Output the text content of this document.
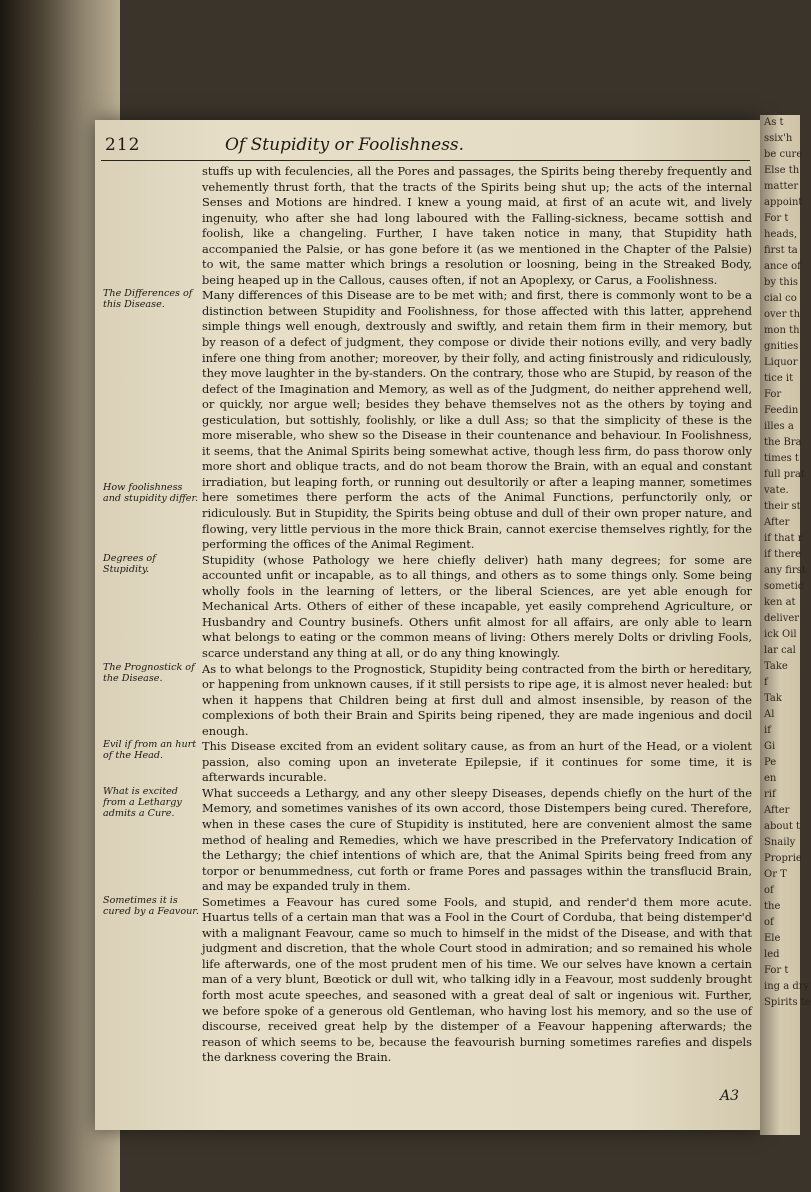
212	Of Stupidity or Foolishness.
The Differences of this Disease.
How foolishness and stupidity differ.
Degrees of Stupidity.
The Prognostick of the Disease.
Evil if from an hurt of the Head.
What is excited from a Lethargy admits a Cure.
Sometimes it is cured by a Feavour.

stuffs up with feculencies, all the Pores and passages, the Spirits being thereby frequently and vehemently thrust forth, that the tracts of the Spirits being shut up; the acts of the internal Senses and Motions are hindred. I knew a young maid, at first of an acute wit, and lively ingenuity, who after she had long laboured with the Falling-sickness, became sottish and foolish, like a changeling. Further, I have taken notice in many, that Stupidity hath accompanied the Palsie, or has gone before it (as we mentioned in the Chapter of the Palsie) to wit, the same matter which brings a resolution or loosning, being in the Streaked Body, being heaped up in the Callous, causes often, if not an Apoplexy, or Carus, a Foolishness.

Many differences of this Disease are to be met with; and first, there is commonly wont to be a distinction between Stupidity and Foolishness, for those affected with this latter, apprehend simple things well enough, dextrously and swiftly, and retain them firm in their memory, but by reason of a defect of judgment, they compose or divide their notions evilly, and very badly infere one thing from another; moreover, by their folly, and acting finistrously and ridiculously, they move laughter in the by-standers. On the contrary, those who are Stupid, by reason of the defect of the Imagination and Memory, as well as of the Judgment, do neither apprehend well, or quickly, nor argue well; besides they behave themselves not as the others by toying and gesticulation, but sottishly, foolishly, or like a dull Ass; so that the simplicity of these is the more miserable, who shew so the Disease in their countenance and behaviour. In Foolishness, it seems, that the Animal Spirits being somewhat active, though less firm, do pass thorow only more short and oblique tracts, and do not beam thorow the Brain, with an equal and constant irradiation, but leaping forth, or running out desultorily or after a leaping manner, sometimes here sometimes there perform the acts of the Animal Functions, perfunctorily only, or ridiculously. But in Stupidity, the Spirits being obtuse and dull of their own proper nature, and flowing, very little pervious in the more thick Brain, cannot exercise themselves rightly, for the performing the offices of the Animal Regiment.

Stupidity (whose Pathology we here chiefly deliver) hath many degrees; for some are accounted unfit or incapable, as to all things, and others as to some things only. Some being wholly fools in the learning of letters, or the liberal Sciences, are yet able enough for Mechanical Arts. Others of either of these incapable, yet easily comprehend Agriculture, or Husbandry and Country businefs. Others unfit almost for all affairs, are only able to learn what belongs to eating or the common means of living: Others merely Dolts or drivling Fools, scarce understand any thing at all, or do any thing knowingly.

As to what belongs to the Prognostick, Stupidity being contracted from the birth or hereditary, or happening from unknown causes, if it still persists to ripe age, it is almost never healed: but when it happens that Children being at first dull and almost insensible, by reason of the complexions of both their Brain and Spirits being ripened, they are made ingenious and docil enough.

This Disease excited from an evident solitary cause, as from an hurt of the Head, or a violent passion, also coming upon an inveterate Epilepsie, if it continues for some time, it is afterwards incurable.

What succeeds a Lethargy, and any other sleepy Diseases, depends chiefly on the hurt of the Memory, and sometimes vanishes of its own accord, those Distempers being cured. Therefore, when in these cases the cure of Stupidity is instituted, here are convenient almost the same method of healing and Remedies, which we have prescribed in the Prefervatory Indication of the Lethargy; the chief intentions of which are, that the Animal Spirits being freed from any torpor or benummedness, cut forth or frame Pores and passages within the transflucid Brain, and may be expanded truly in them.

Sometimes a Feavour has cured some Fools, and stupid, and render'd them more acute. Huartus tells of a certain man that was a Fool in the Court of Corduba, that being distemper'd with a malignant Feavour, came so much to himself in the midst of the Disease, and with that judgment and discretion, that the whole Court stood in admiration; and so remained his whole life afterwards, one of the most prudent men of his time. We our selves have known a certain man of a very blunt, Bœotick or dull wit, who talking idly in a Feavour, most suddenly brought forth most acute speeches, and seasoned with a great deal of salt or ingenious wit. Further, we before spoke of a generous old Gentleman, who having lost his memory, and so the use of discourse, received great help by the distemper of a Feavour happening afterwards; the reason of which seems to be, because the feavourish burning sometimes rarefies and dispels the darkness covering the Brain.

A3
As t
ssix'h
be cure
Else th
matter
appoint
For t
heads,
first ta
ance of
by this
cial co
over th
mon th
gnities
Liquor
tice it
For
Feedin
illes a
the Bra
times t
full prat
vate.
their st
After
if that r
if there
any first
sometic
ken at
deliver
ick Oil
lar cal
Take
f
Tak
Al
if
Gi
Pe
en
rif
After
about t
Snaily
Proprie
Or T
of
the
of
Ele
led
For t
ing a dry
Spirits te
